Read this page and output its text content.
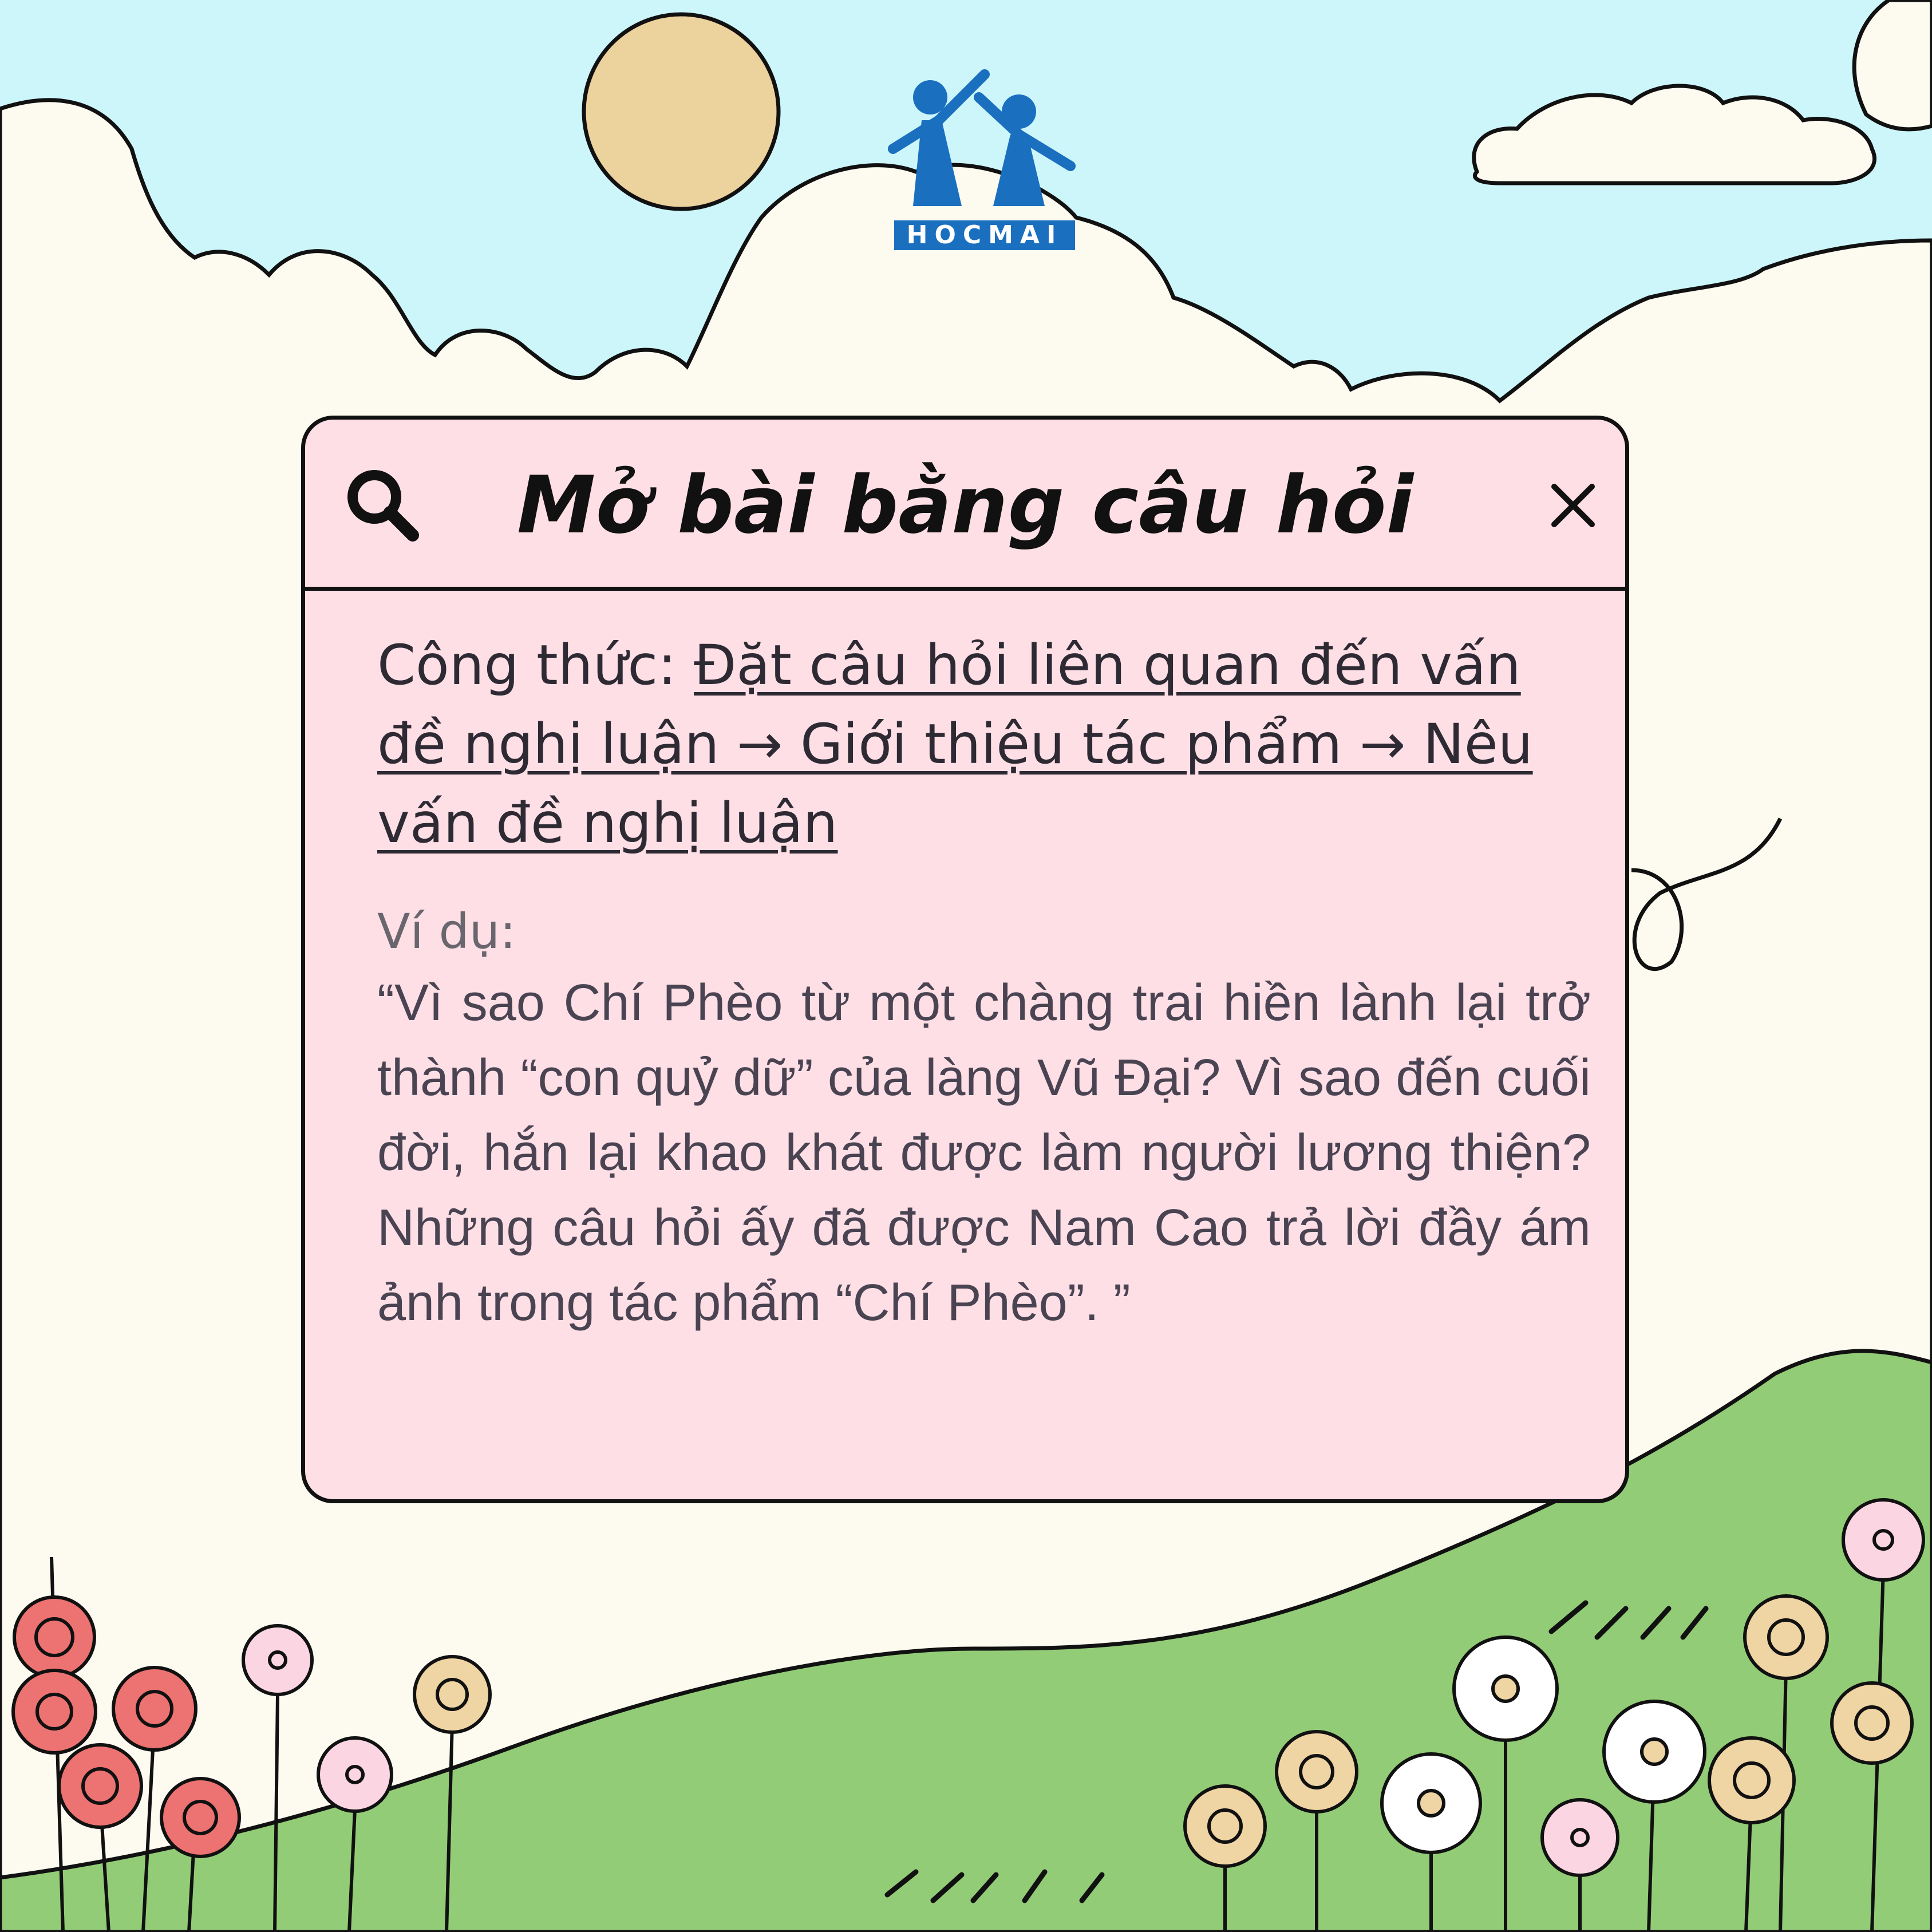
HOCMAI
Mở bài bằng câu hỏi

Công thức: Đặt câu hỏi liên quan đến vấn đề nghị luận → Giới thiệu tác phẩm → Nêu vấn đề nghị luận

Ví dụ:

“Vì sao Chí Phèo từ một chàng trai hiền lành lại trở thành “con quỷ dữ” của làng Vũ Đại? Vì sao đến cuối đời, hắn lại khao khát được làm người lương thiện? Những câu hỏi ấy đã được Nam Cao trả lời đầy ám ảnh trong tác phẩm “Chí Phèo”. ”
